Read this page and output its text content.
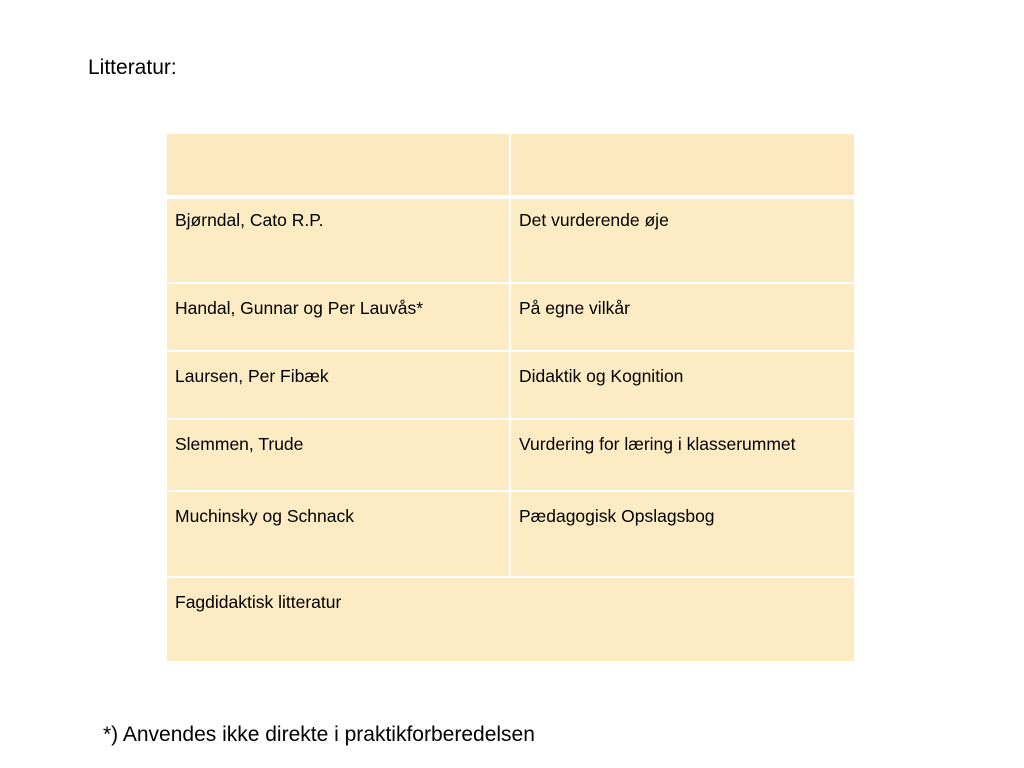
Litteratur:

Bjørndal, Cato R.P.	Det vurderende øje
Handal, Gunnar og Per Lauvås*	På egne vilkår
Laursen, Per Fibæk	Didaktik og Kognition
Slemmen, Trude	Vurdering for læring i klasserummet
Muchinsky og Schnack	Pædagogisk Opslagsbog
Fagdidaktisk litteratur	
*) Anvendes ikke direkte i praktikforberedelsen
